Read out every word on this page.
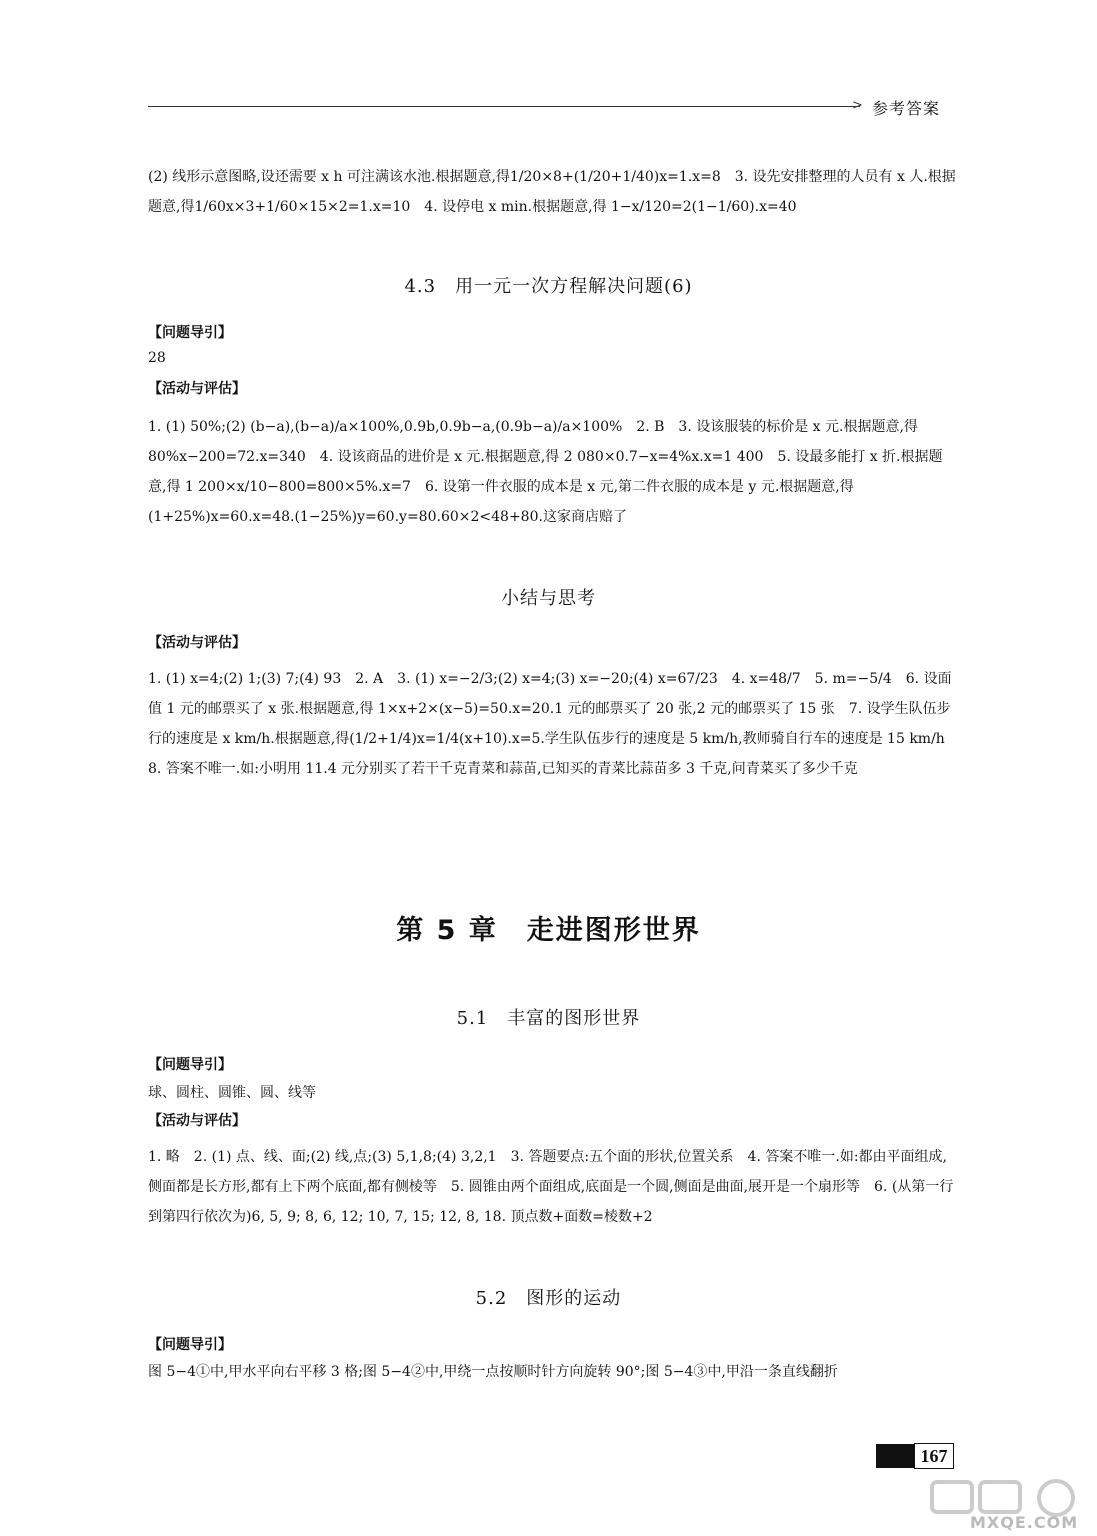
> 参考答案
(2) 线形示意图略,设还需要 x h 可注满该水池.根据题意,得1/20×8+(1/20+1/40)x=1.x=8　3. 设先安排整理的人员有 x 人.根据题意,得1/60x×3+1/60×15×2=1.x=10　4. 设停电 x min.根据题意,得 1−x/120=2(1−1/60).x=40
4.3　用一元一次方程解决问题(6)
【问题导引】
28
【活动与评估】
1. (1) 50%;(2) (b−a),(b−a)/a×100%,0.9b,0.9b−a,(0.9b−a)/a×100%　2. B　3. 设该服装的标价是 x 元.根据题意,得 80%x−200=72.x=340　4. 设该商品的进价是 x 元.根据题意,得 2 080×0.7−x=4%x.x=1 400　5. 设最多能打 x 折.根据题意,得 1 200×x/10−800=800×5%.x=7　6. 设第一件衣服的成本是 x 元,第二件衣服的成本是 y 元.根据题意,得(1+25%)x=60.x=48.(1−25%)y=60.y=80.60×2<48+80.这家商店赔了
小结与思考
【活动与评估】
1. (1) x=4;(2) 1;(3) 7;(4) 93　2. A　3. (1) x=−2/3;(2) x=4;(3) x=−20;(4) x=67/23　4. x=48/7　5. m=−5/4　6. 设面值 1 元的邮票买了 x 张.根据题意,得 1×x+2×(x−5)=50.x=20.1 元的邮票买了 20 张,2 元的邮票买了 15 张　7. 设学生队伍步行的速度是 x km/h.根据题意,得(1/2+1/4)x=1/4(x+10).x=5.学生队伍步行的速度是 5 km/h,教师骑自行车的速度是 15 km/h　8. 答案不唯一.如:小明用 11.4 元分别买了若干千克青菜和蒜苗,已知买的青菜比蒜苗多 3 千克,问青菜买了多少千克
第 5 章　走进图形世界
5.1　丰富的图形世界
【问题导引】
球、圆柱、圆锥、圆、线等
【活动与评估】
1. 略　2. (1) 点、线、面;(2) 线,点;(3) 5,1,8;(4) 3,2,1　3. 答题要点:五个面的形状,位置关系　4. 答案不唯一.如:都由平面组成,侧面都是长方形,都有上下两个底面,都有侧棱等　5. 圆锥由两个面组成,底面是一个圆,侧面是曲面,展开是一个扇形等　6. (从第一行到第四行依次为)6, 5, 9; 8, 6, 12; 10, 7, 15; 12, 8, 18. 顶点数+面数=棱数+2
5.2　图形的运动
【问题导引】
图 5−4①中,甲水平向右平移 3 格;图 5−4②中,甲绕一点按顺时针方向旋转 90°;图 5−4③中,甲沿一条直线翻折
167
MXQE.COM
